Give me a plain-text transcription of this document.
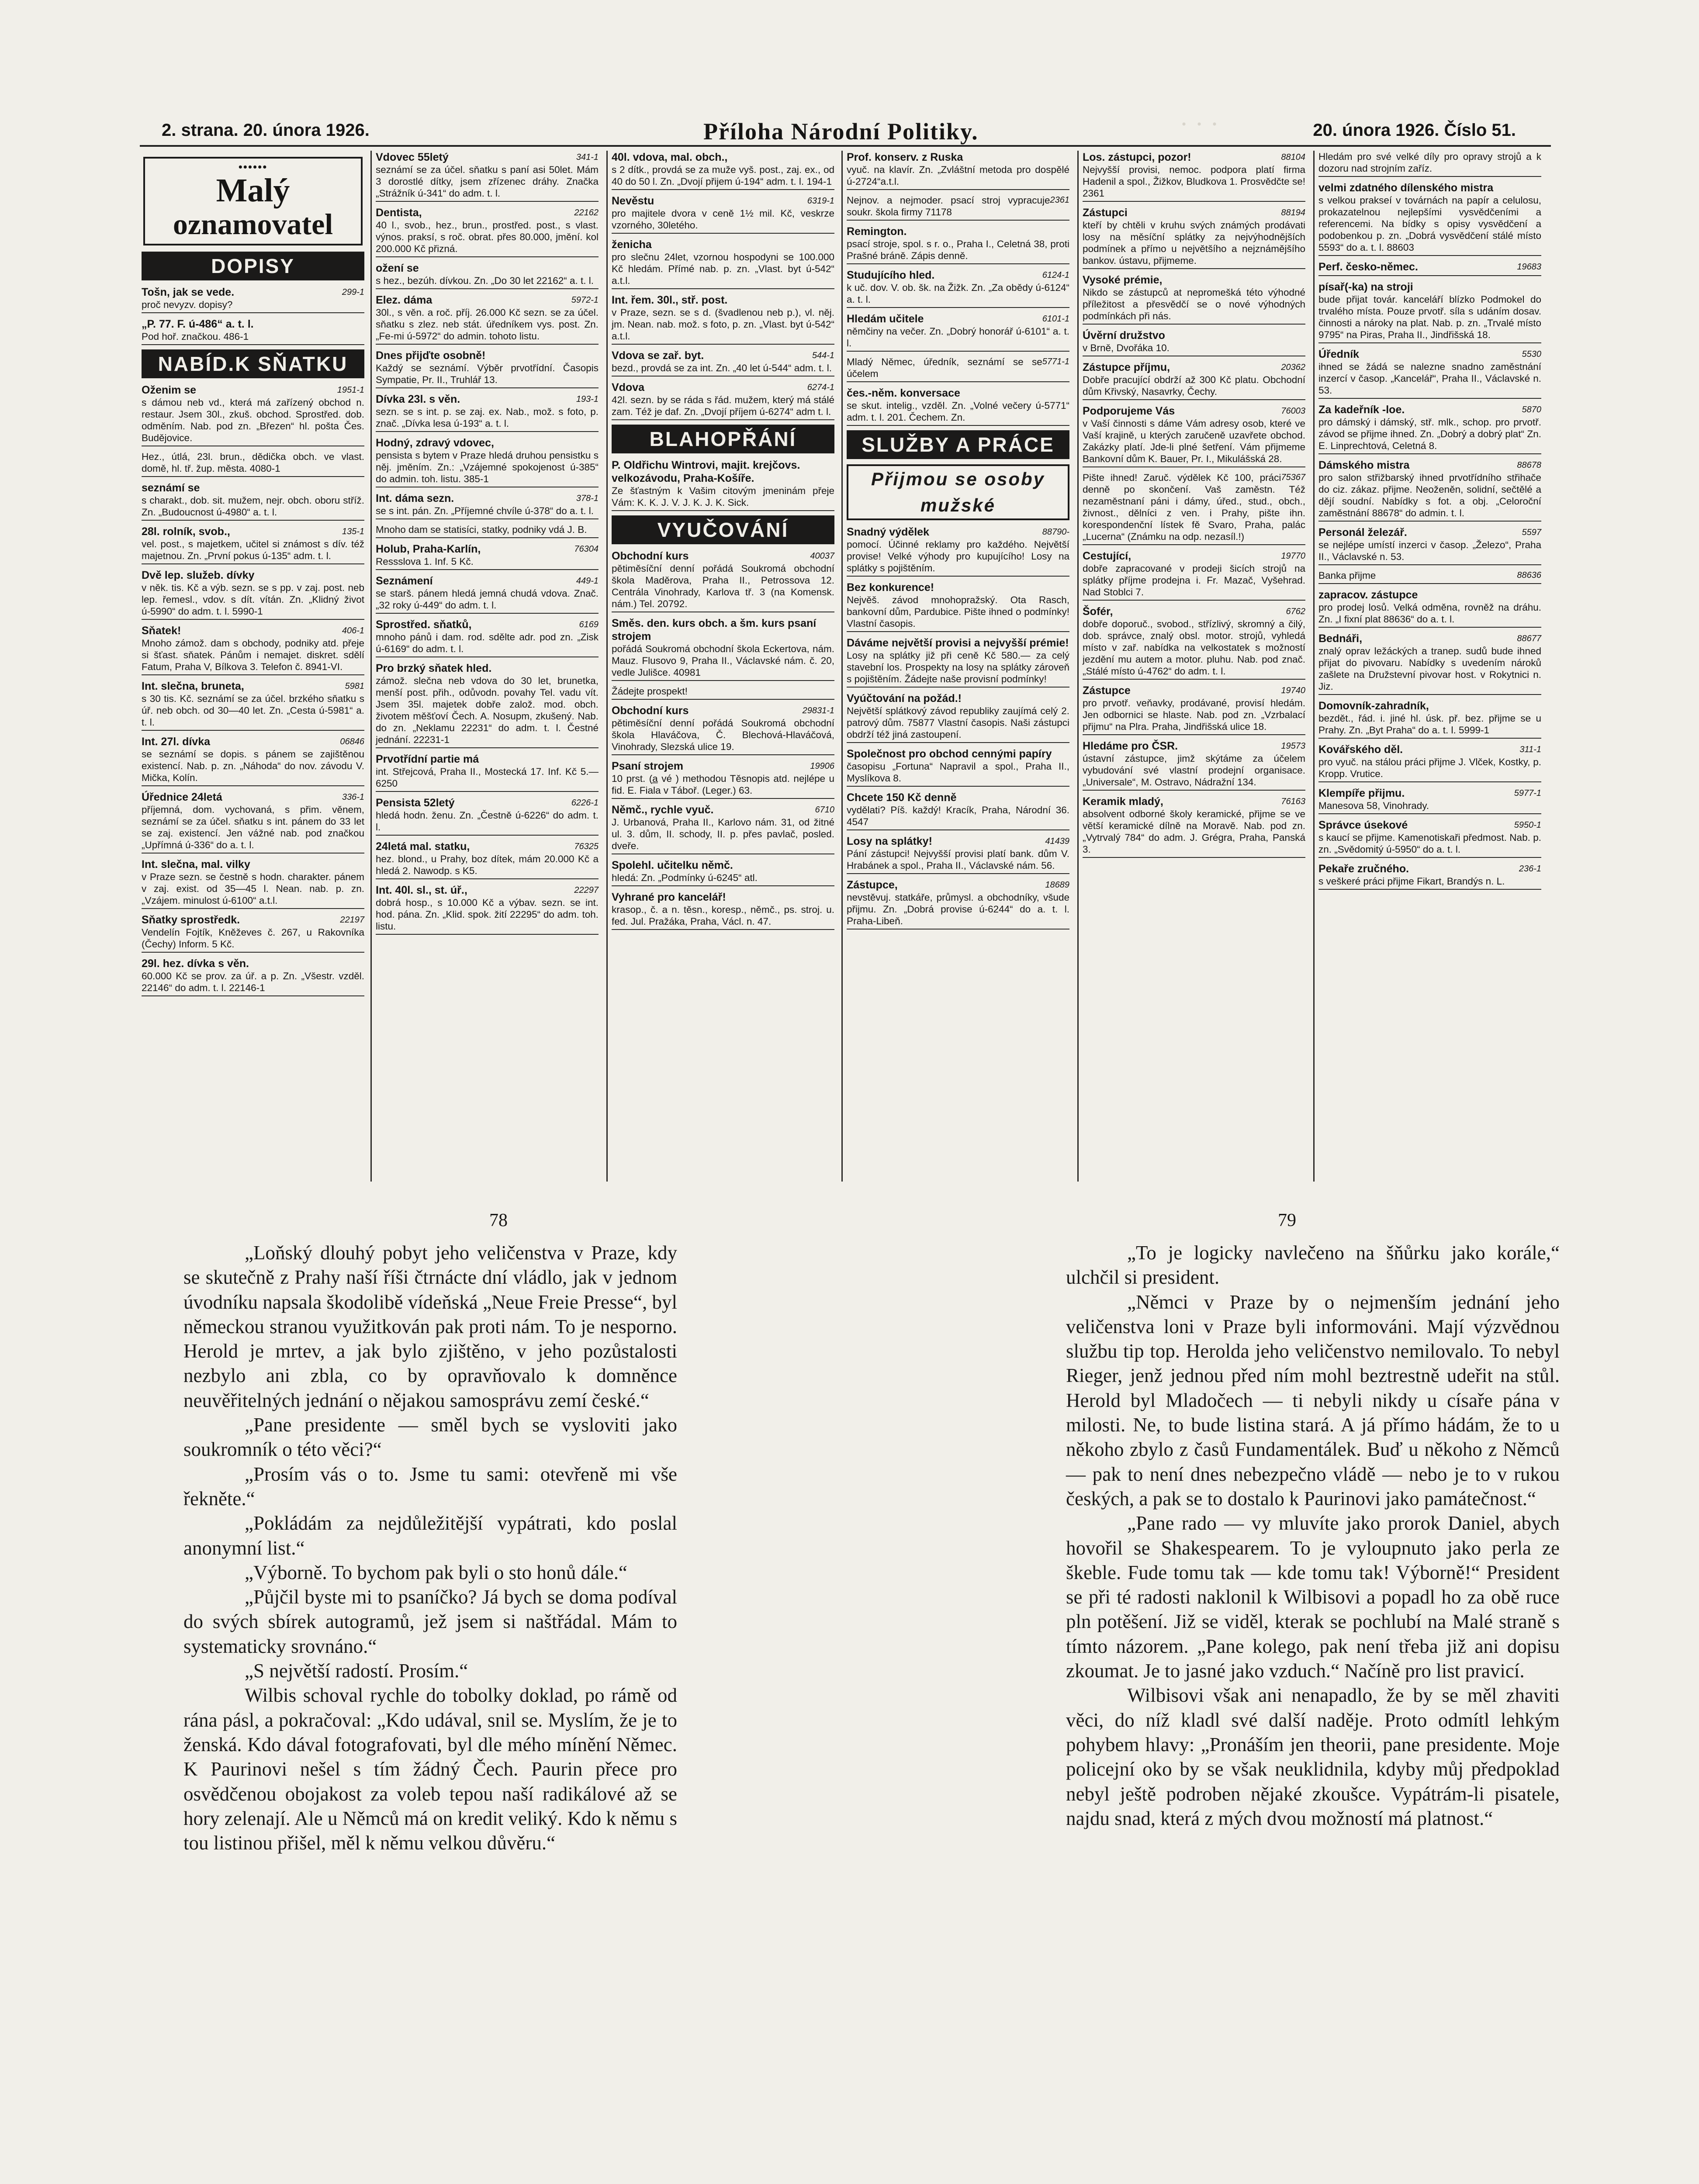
· · ·
2. strana. 20. února 1926.	Příloha Národní Politiky.	20. února 1926. Číslo 51.
••••••
Malý
oznamovatel
DOPISY
299-1
Tošn, jak se vede.
proč nevyzv. dopisy?
„P. 77. F. ú-486“ a. t. l.
Pod hoř. značkou. 486-1
NABÍD.K SŇATKU
1951-1
Oženim se
s dámou neb vd., která má zařízený obchod n. restaur. Jsem 30l., zkuš. obchod. Sprostřed. dob. odměním. Nab. pod zn. „Březen“ hl. pošta Čes. Budějovice.
Hez., útlá, 23l. brun., dědička obch. ve vlast. domě, hl. tř. žup. města. 4080-1
seznámí se
s charakt., dob. sit. mužem, nejr. obch. oboru stříž. Zn. „Budoucnost ú-4980“ a. t. l.
135-1
28l. rolník, svob.,
vel. post., s majetkem, učitel si známost s dív. též majetnou. Zn. „První pokus ú-135“ adm. t. l.
Dvě lep. služeb. dívky
v něk. tis. Kč a výb. sezn. se s pp. v zaj. post. neb lep. řemesl., vdov. s dít. vítán. Zn. „Klidný život ú-5990“ do adm. t. l. 5990-1
406-1
Sňatek!
Mnoho zámož. dam s obchody, podniky atd. přeje si šťast. sňatek. Pánům i nemajet. diskret. sdělí Fatum, Praha V, Bílkova 3. Telefon č. 8941-VI.
5981
Int. slečna, bruneta,
s 30 tis. Kč. seznámí se za účel. brzkého sňatku s úř. neb obch. od 30—40 let. Zn. „Cesta ú-5981“ a. t. l.
06846
Int. 27l. dívka
se seznámí se dopis. s pánem se zajištěnou existencí. Nab. p. zn. „Náhoda“ do nov. závodu V. Mička, Kolín.
336-1
Úřednice 24letá
příjemná, dom. vychovaná, s přim. věnem, seznámí se za účel. sňatku s int. pánem do 33 let se zaj. existencí. Jen vážné nab. pod značkou „Upřímná ú-336“ do a. t. l.
Int. slečna, mal. vilky
v Praze sezn. se čestně s hodn. charakter. pánem v zaj. exist. od 35—45 l. Nean. nab. p. zn. „Vzájem. minulost ú-6100“ a.t.l.
22197
Sňatky sprostředk.
Vendelín Fojtík, Kněževes č. 267, u Rakovníka (Čechy) Inform. 5 Kč.
29l. hez. dívka s věn.
60.000 Kč se prov. za úř. a p. Zn. „Všestr. vzděl. 22146“ do adm. t. l. 22146-1
341-1
Vdovec 55letý
seznámí se za účel. sňatku s paní asi 50let. Mám 3 dorostlé dítky, jsem zřízenec dráhy. Značka „Strážník ú-341“ do adm. t. l.
22162
Dentista,
40 l., svob., hez., brun., prostřed. post., s vlast. výnos. praksí, s roč. obrat. přes 80.000, jmění. kol 200.000 Kč přizná.
ožení se
s hez., bezúh. dívkou. Zn. „Do 30 let 22162“ a. t. l.
5972-1
Elez. dáma
30l., s věn. a roč. příj. 26.000 Kč sezn. se za účel. sňatku s zlez. neb stát. úředníkem vys. post. Zn. „Fe-mi ú-5972“ do admin. tohoto listu.
Dnes přijďte osobně!
Každý se seznámí. Výběr prvotřídní. Časopis Sympatie, Pr. II., Truhlář 13.
193-1
Dívka 23l. s věn.
sezn. se s int. p. se zaj. ex. Nab., mož. s foto, p. znač. „Dívka lesa ú-193“ a. t. l.
Hodný, zdravý vdovec,
pensista s bytem v Praze hledá druhou pensistku s něj. jměním. Zn.: „Vzájemné spokojenost ú-385“ do admin. toh. listu. 385-1
378-1
Int. dáma sezn.
se s int. pán. Zn. „Příjemné chvíle ú-378“ do a. t. l.
Mnoho dam se statisíci, statky, podniky vdá J. B.
76304
Holub, Praha-Karlín,
Ressslova 1. Inf. 5 Kč.
449-1
Seznámení
se starš. pánem hledá jemná chudá vdova. Znač. „32 roky ú-449“ do adm. t. l.
6169
Sprostřed. sňatků,
mnoho pánů i dam. rod. sdělte adr. pod zn. „Zisk ú-6169“ do adm. t. l.
Pro brzký sňatek hled.
zámož. slečna neb vdova do 30 let, brunetka, menší post. přih., odůvodn. povahy Tel. vadu vít. Jsem 35l. majetek dobře založ. mod. obch. životem měšťoví Čech. A. Nosupm, zkušený. Nab. do zn. „Neklamu 22231“ do adm. t. l. Čestné jednání. 22231-1
Prvotřídní partie má
int. Střejcová, Praha II., Mostecká 17. Inf. Kč 5.—6250
6226-1
Pensista 52letý
hledá hodn. ženu. Zn. „Čestně ú-6226“ do adm. t. l.
76325
24letá mal. statku,
hez. blond., u Prahy, boz dítek, mám 20.000 Kč a hledá 2. Nawodp. s K5.
22297
Int. 40l. sl., st. úř.,
dobrá hosp., s 10.000 Kč a výbav. sezn. se int. hod. pána. Zn. „Klid. spok. žití 22295“ do adm. toh. listu.
40l. vdova, mal. obch.,
s 2 dítk., provdá se za muže vyš. post., zaj. ex., od 40 do 50 l. Zn. „Dvojí přijem ú-194“ adm. t. l. 194-1
6319-1
Nevěstu
pro majitele dvora v ceně 1½ mil. Kč, veskrze vzorného, 30letého.
ženicha
pro slečnu 24let, vzornou hospodyni se 100.000 Kč hledám. Přímé nab. p. zn. „Vlast. byt ú-542“ a.t.l.
Int. řem. 30l., stř. post.
v Praze, sezn. se s d. (švadlenou neb p.), vl. něj. jm. Nean. nab. mož. s foto, p. zn. „Vlast. byt ú-542“ a.t.l.
544-1
Vdova se zař. byt.
bezd., provdá se za int. Zn. „40 let ú-544“ adm. t. l.
6274-1
Vdova
42l. sezn. by se ráda s řád. mužem, který má stálé zam. Též je daf. Zn. „Dvojí příjem ú-6274“ adm t. l.
BLAHOPŘÁNÍ
P. Oldřichu Wintrovi, majit. krejčovs. velkozávodu, Praha-Košíře.
Ze šťastným k Vašim citovým jmeninám přeje Vám: K. K. J. V. J. K. J. K. Sick.
VYUČOVÁNÍ
40037
Obchodní kurs
pětiměsíční denní pořádá Soukromá obchodní škola Maděrova, Praha II., Petrossova 12. Centrála Vinohrady, Karlova tř. 3 (na Komensk. nám.) Tel. 20792.
Směs. den. kurs obch. a šm. kurs psaní strojem
pořádá Soukromá obchodní škola Eckertova, nám. Mauz. Flusovo 9, Praha II., Václavské nám. č. 20, vedle Julišce. 40981
Žádejte prospekt!
29831-1
Obchodní kurs
pětiměsíční denní pořádá Soukromá obchodní škola Hlaváčova, Č. Blechová-Hlaváčová, Vinohrady, Slezská ulice 19.
19906
Psaní strojem
10 prst. (a̲ vé ) methodou Těsnopis atd. nejlépe u fid. E. Fiala v Táboř. (Leger.) 63.
6710
Němč., rychle vyuč.
J. Urbanová, Praha II., Karlovo nám. 31, od žitné ul. 3. dům, II. schody, II. p. přes pavlač, posled. dveře.
Spolehl. učitelku němč.
hledá: Zn. „Podmínky ú-6245“ atl.
Vyhrané pro kancelář!
krasop., č. a n. těsn., koresp., němč., ps. stroj. u. fed. Jul. Pražáka, Praha, Václ. n. 47.
Prof. konserv. z Ruska
vyuč. na klavír. Zn. „Zvláštní metoda pro dospělé ú-2724“a.t.l.
2361
Nejnov. a nejmoder. psací stroj vypracuje soukr. škola firmy 71178
Remington.
psací stroje, spol. s r. o., Praha I., Celetná 38, proti Prašné bráně. Zápis denně.
6124-1
Studujícího hled.
k uč. dov. V. ob. šk. na Žižk. Zn. „Za obědy ú-6124“ a. t. l.
6101-1
Hledám učitele
němčiny na večer. Zn. „Dobrý honorář ú-6101“ a. t. l.
5771-1
Mladý Němec, úředník, seznámí se se účelem
čes.-něm. konversace
se skut. intelig., vzděl. Zn. „Volné večery ú-5771“ adm. t. l. 201. Čechem. Zn.
SLUŽBY A PRÁCE
Přijmou se osoby mužské
88790-
Snadný výdělek
pomocí. Účinné reklamy pro každého. Největší provise! Velké výhody pro kupujícího! Losy na splátky s pojištěním.
Bez konkurence!
Nejvěš. závod mnohopražský. Ota Rasch, bankovní dům, Pardubice. Pište ihned o podmínky! Vlastní časopis.
Dáváme největší provisi a nejvyšší prémie!
Losy na splátky již při ceně Kč 580.— za celý stavební los. Prospekty na losy na splátky zároveň s pojištěním. Žádejte naše provisní podmínky!
Vyúčtování na požád.!
Největší splátkový závod republiky zaujímá celý 2. patrový dům. 75877 Vlastní časopis. Naši zástupci obdrží též jiná zastoupení.
Společnost pro obchod cennými papíry
časopisu „Fortuna“ Napravil a spol., Praha II., Myslíkova 8.
Chcete 150 Kč denně
vydělati? Píš. každý! Kracík, Praha, Národní 36. 4547
41439
Losy na splátky!
Pání zástupci! Nejvyšší provisi platí bank. dům V. Hrabánek a spol., Praha II., Václavské nám. 56.
18689
Zástupce,
nevstěvuj. statkáře, průmysl. a obchodníky, všude přijmu. Zn. „Dobrá provise ú-6244“ do a. t. l. Praha-Libeň.
88104
Los. zástupci, pozor!
Nejvyšší provisi, nemoc. podpora platí firma Hadenil a spol., Žižkov, Bludkova 1. Prosvědčte se! 2361
88194
Zástupci
kteří by chtěli v kruhu svých známých prodávati losy na měsíční splátky za nejvýhodnějších podmínek a přímo u největšího a nejznámějšího bankov. ústavu, přijmeme.
Vysoké prémie,
Nikdo se zástupců at nepromešká této výhodné příležitost a přesvědčí se o nové výhodných podmínkách při nás.
Úvěrní družstvo
v Brně, Dvořáka 10.
20362
Zástupce příjmu,
Dobře pracující obdrží až 300 Kč platu. Obchodní dům Křivský, Nasavrky, Čechy.
76003
Podporujeme Vás
v Vaší činnosti s dáme Vám adresy osob, které ve Vaší krajině, u kterých zaručeně uzavřete obchod. Zakázky platí. Jde-li plné šetření. Vám přijmeme Bankovní dům K. Bauer, Pr. I., Mikulášská 28.
75367
Pište ihned! Zaruč. výdělek Kč 100, práci denně po skončení. Vaš zaměstn. Též nezaměstnaní páni i dámy, úřed., stud., obch., živnost., dělníci z ven. i Prahy, pište ihn. korespondenční lístek fě Svaro, Praha, palác „Lucerna“ (Známku na odp. nezasíl.!)
19770
Cestující,
dobře zapracované v prodeji šicích strojů na splátky příjme prodejna i. Fr. Mazač, Vyšehrad. Nad Stoblci 7.
6762
Šofér,
dobře doporuč., svobod., střízlivý, skromný a čilý, dob. správce, znalý obsl. motor. strojů, vyhledá místo v zař. nabídka na velkostatek s možností jezdění mu autem a motor. pluhu. Nab. pod znač. „Stálé místo ú-4762“ do adm. t. l.
19740
Zástupce
pro prvotř. veňavky, prodávané, provisí hledám. Jen odbornici se hlaste. Nab. pod zn. „Vzrbalací přijmu“ na Plra. Praha, Jindřišská ulice 18.
19573
Hledáme pro ČSR.
ústavní zástupce, jimž skýtáme za účelem vybudování své vlastní prodejní organisace. „Universale“, M. Ostravo, Nádražní 134.
76163
Keramik mladý,
absolvent odborné školy keramické, přijme se ve větší keramické dílně na Moravě. Nab. pod zn. „Vytrvalý 784“ do adm. J. Grégra, Praha, Panská 3.
Hledám pro své velké díly pro opravy strojů a k dozoru nad strojním zaříz.
velmi zdatného dílenského mistra
s velkou prakseí v továrnách na papír a celulosu, prokazatelnou nejlepšími vysvědčeními a referencemi. Na bídky s opisy vysvědčení a podobenkou p. zn. „Dobrá vysvědčení stálé místo 5593“ do a. t. l. 88603
19683
Perf. česko-němec.
písař(-ka) na stroji
bude přijat továr. kanceláří blízko Podmokel do trvalého místa. Pouze prvotř. síla s udáním dosav. činnosti a nároky na plat. Nab. p. zn. „Trvalé místo 9795“ na Piras, Praha II., Jindřišská 18.
5530
Úředník
ihned se žádá se nalezne snadno zaměstnání inzercí v časop. „Kancelář“, Praha II., Václavské n. 53.
5870
Za kadeřník -loe.
pro dámský i dámský, stř. mlk., schop. pro prvotř. závod se přijme ihned. Zn. „Dobrý a dobrý plat“ Zn. E. Linprechtová, Celetná 8.
88678
Dámského mistra
pro salon střižbarský ihned prvotřídního střihače do ciz. zákaz. přijme. Neoženěn, solidní, sečtělé a dějí soudní. Nabídky s fot. a obj. „Celoroční zaměstnání 88678“ do admin. t. l.
5597
Personál železář.
se nejlépe umístí inzerci v časop. „Železo“, Praha II., Václavské n. 53.
88636
Banka přijme
zapracov. zástupce
pro prodej losů. Velká odměna, rovněž na dráhu. Zn. „I fixní plat 88636“ do a. t. l.
88677
Bednáři,
znalý oprav ležáckých a tranep. sudů bude ihned přijat do pivovaru. Nabídky s uvedením nároků zašlete na Družstevní pivovar host. v Rokytnici n. Jiz.
Domovník-zahradník,
bezdět., řád. i. jiné hl. úsk. př. bez. přijme se u Prahy. Zn. „Byt Praha“ do a. t. l. 5999-1
311-1
Kovářského děl.
pro vyuč. na stálou práci přijme J. Vlček, Kostky, p. Kropp. Vrutice.
5977-1
Klempíře přijmu.
Manesova 58, Vinohrady.
5950-1
Správce úsekové
s kaucí se přijme. Kamenotiskaři předmost. Nab. p. zn. „Svědomitý ú-5950“ do a. t. l.
236-1
Pekaře zručného.
s veškeré práci přijme Fikart, Brandýs n. L.
78	79

„Loňský dlouhý pobyt jeho veličenstva v Praze, kdy se skutečně z Prahy naší říši čtrnácte dní vládlo, jak v jednom úvodníku napsala škodolibě vídeňská „Neue Freie Presse“, byl německou stranou využitkován pak proti nám. To je nesporno. Herold je mrtev, a jak bylo zjištěno, v jeho pozůstalosti nezbylo ani zbla, co by opravňovalo k domněnce neuvěřitelných jednání o nějakou samosprávu zemí české.“

„Pane presidente — směl bych se vysloviti jako soukromník o této věci?“

„Prosím vás o to. Jsme tu sami: otevřeně mi vše řekněte.“

„Pokládám za nejdůležitější vypátrati, kdo poslal anonymní list.“

„Výborně. To bychom pak byli o sto honů dále.“

„Půjčil byste mi to psaníčko? Já bych se doma podíval do svých sbírek autogramů, jež jsem si naštřádal. Mám to systematicky srovnáno.“

„S největší radostí. Prosím.“

Wilbis schoval rychle do tobolky doklad, po rámě od rána pásl, a pokračoval: „Kdo udával, snil se. Myslím, že je to ženská. Kdo dával fotografovati, byl dle mého mínění Němec. K Paurinovi nešel s tím žádný Čech. Paurin přece pro osvědčenou obojakost za voleb tepou naší radikálové až se hory zelenají. Ale u Němců má on kredit veliký. Kdo k němu s tou listinou přišel, měl k němu velkou důvěru.“

„To je logicky navlečeno na šňůrku jako korále,“ ulchčil si president.

„Němci v Praze by o nejmenším jednání jeho veličenstva loni v Praze byli informováni. Mají výzvědnou službu tip top. Herolda jeho veličenstvo nemilovalo. To nebyl Rieger, jenž jednou před ním mohl beztrestně udeřit na stůl. Herold byl Mladočech — ti nebyli nikdy u císaře pána v milosti. Ne, to bude listina stará. A já přímo hádám, že to u někoho zbylo z časů Fundamentálek. Buď u někoho z Němců — pak to není dnes nebezpečno vládě — nebo je to v rukou českých, a pak se to dostalo k Paurinovi jako památečnost.“

„Pane rado — vy mluvíte jako prorok Daniel, abych hovořil se Shakespearem. To je vyloupnuto jako perla ze škeble. Fude tomu tak — kde tomu tak! Výborně!“ President se při té radosti naklonil k Wilbisovi a popadl ho za obě ruce pln potěšení. Již se viděl, kterak se pochlubí na Malé straně s tímto názorem. „Pane kolego, pak není třeba již ani dopisu zkoumat. Je to jasné jako vzduch.“ Načíně pro list pravicí.

Wilbisovi však ani nenapadlo, že by se měl zhaviti věci, do níž kladl své další naděje. Proto odmítl lehkým pohybem hlavy: „Pronáším jen theorii, pane presidente. Moje policejní oko by se však neuklidnila, kdyby můj předpoklad nebyl ještě podroben nějaké zkoušce. Vypátrám-li pisatele, najdu snad, která z mých dvou možností má platnost.“
